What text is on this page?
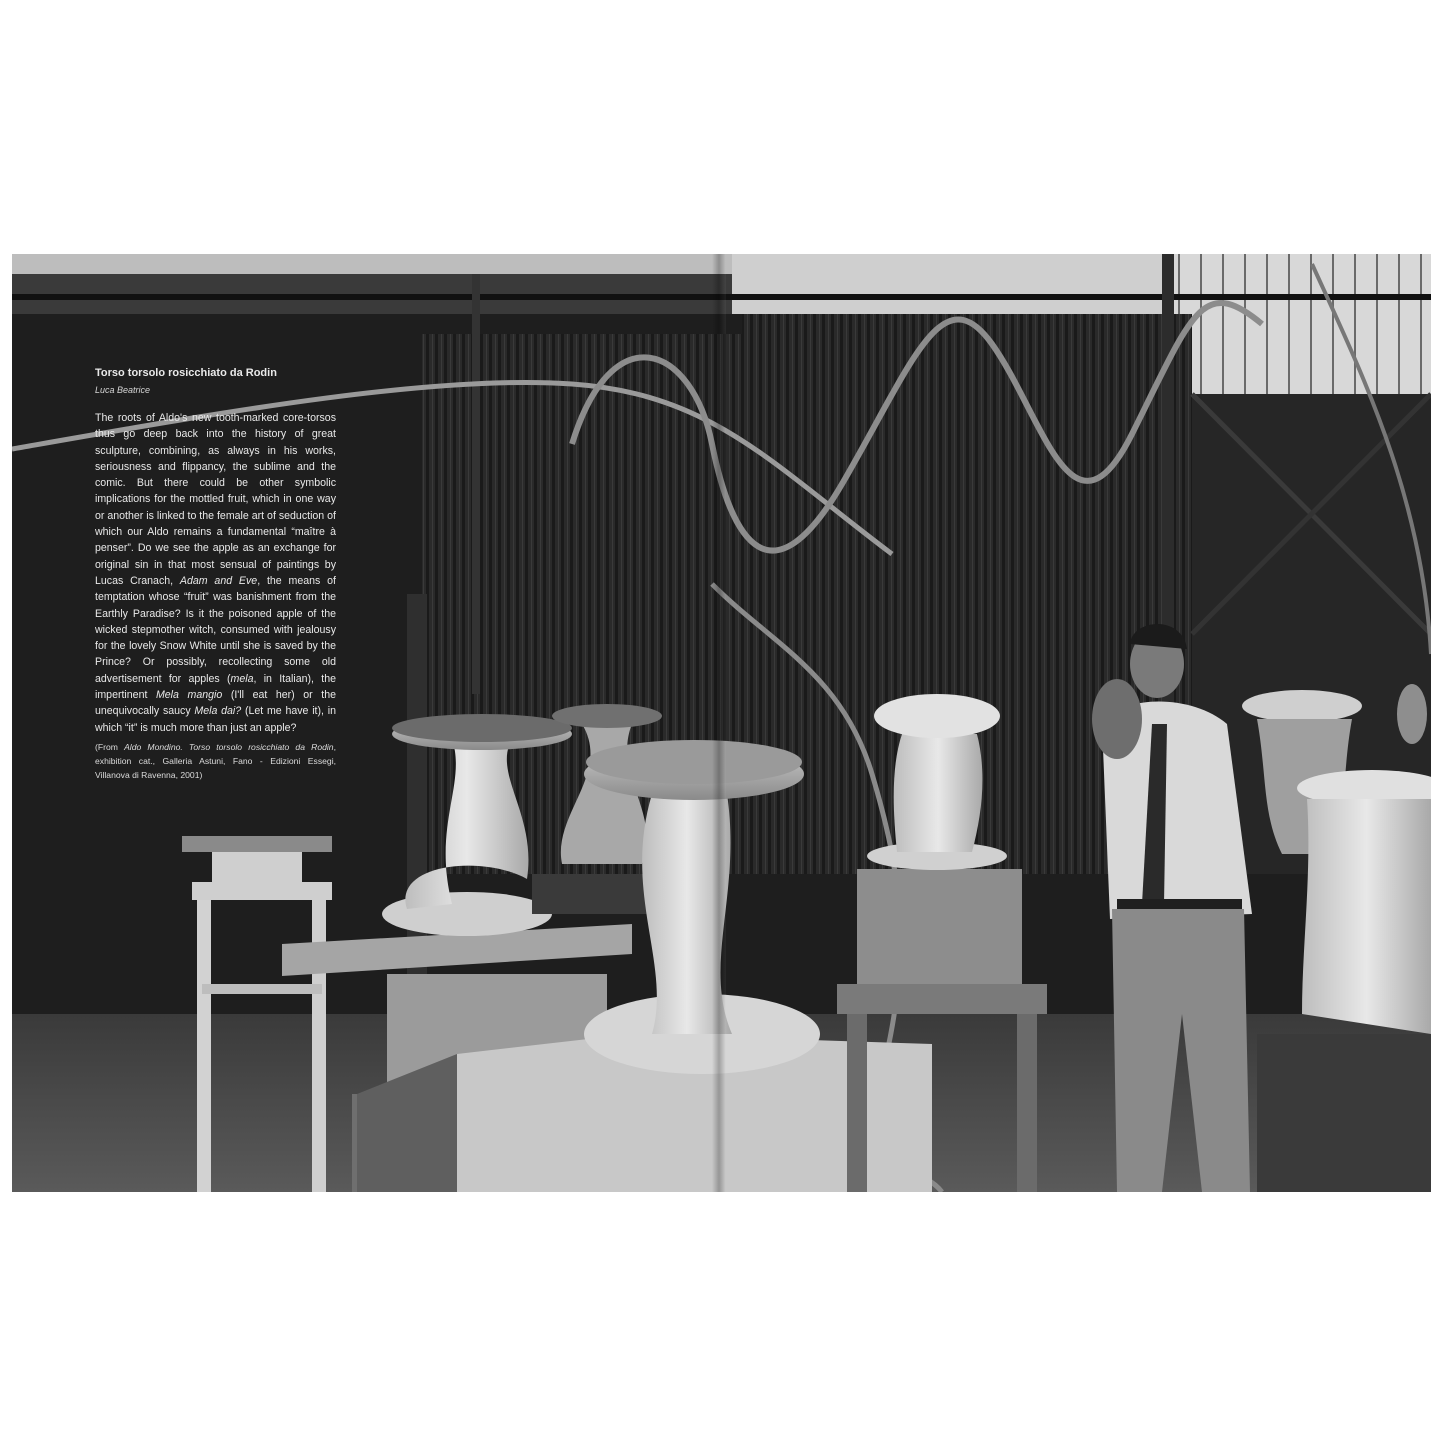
Torso torsolo rosicchiato da Rodin
Luca Beatrice

The roots of Aldo's new tooth-marked core-torsos thus go deep back into the history of great sculpture, combining, as always in his works, seriousness and flippancy, the sublime and the comic. But there could be other symbolic implications for the mottled fruit, which in one way or another is linked to the female art of seduction of which our Aldo remains a fundamental “maître à penser”. Do we see the apple as an exchange for original sin in that most sensual of paintings by Lucas Cranach, Adam and Eve, the means of temptation whose “fruit” was banishment from the Earthly Paradise? Is it the poisoned apple of the wicked stepmother witch, consumed with jealousy for the lovely Snow White until she is saved by the Prince? Or possibly, recollecting some old advertisement for apples (mela, in Italian), the impertinent Mela mangio (I'll eat her) or the unequivocally saucy Mela dai? (Let me have it), in which “it” is much more than just an apple?

(From Aldo Mondino. Torso torsolo rosicchiato da Rodin, exhibition cat., Galleria Astuni, Fano - Edizioni Essegi, Villanova di Ravenna, 2001)
